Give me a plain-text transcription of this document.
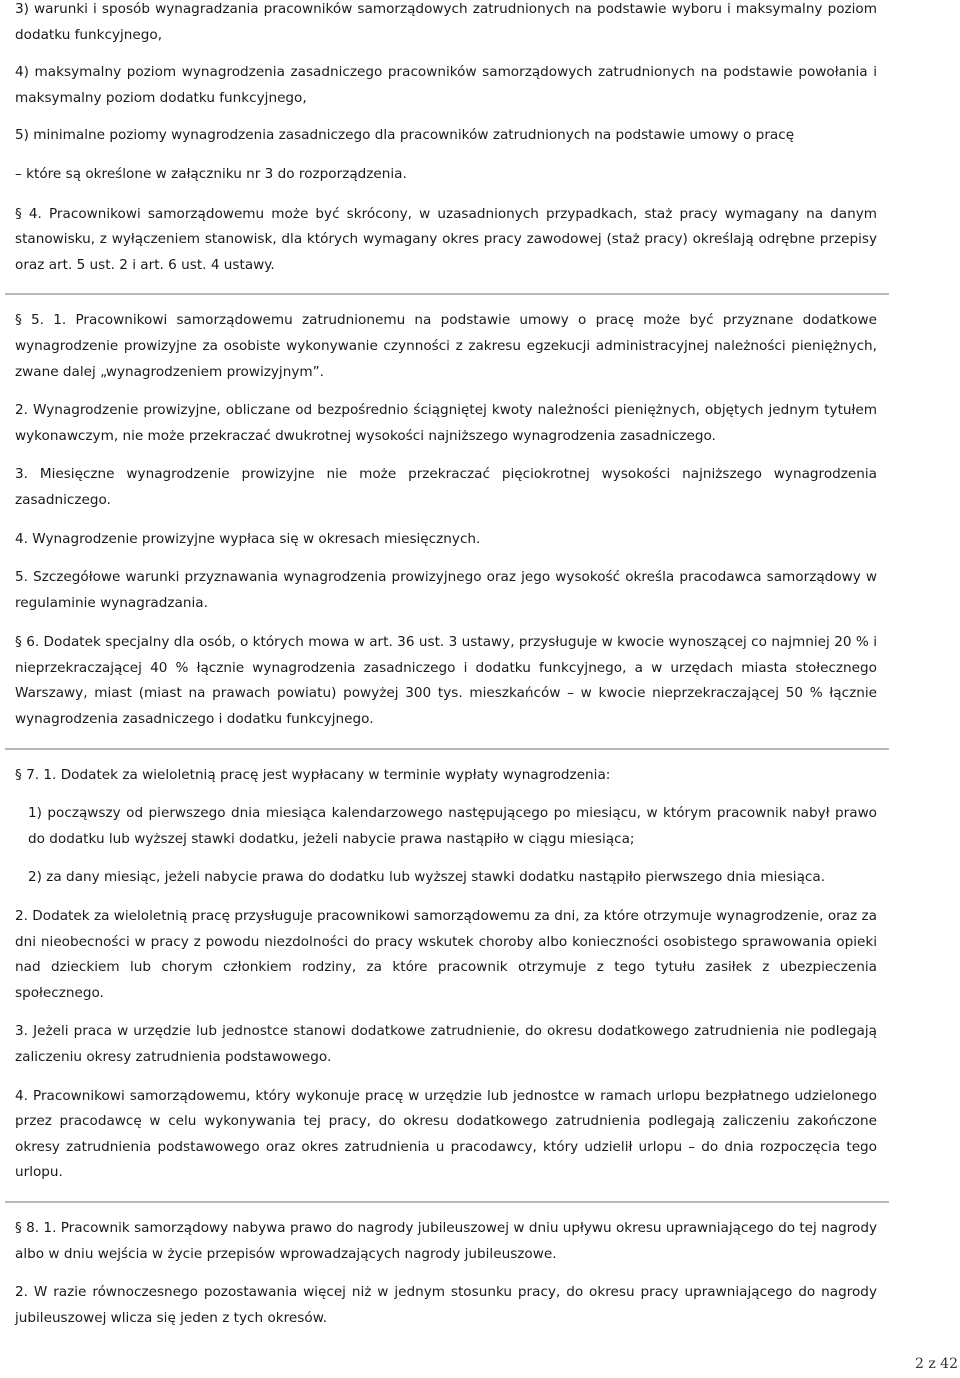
3) warunki i sposób wynagradzania pracowników samorządowych zatrudnionych na podstawie wyboru i maksymalny poziom dodatku funkcyjnego,

4) maksymalny poziom wynagrodzenia zasadniczego pracowników samorządowych zatrudnionych na podstawie powołania i maksymalny poziom dodatku funkcyjnego,

5) minimalne poziomy wynagrodzenia zasadniczego dla pracowników zatrudnionych na podstawie umowy o pracę

– które są określone w załączniku nr 3 do rozporządzenia.

§ 4. Pracownikowi samorządowemu może być skrócony, w uzasadnionych przypadkach, staż pracy wymagany na danym stanowisku, z wyłączeniem stanowisk, dla których wymagany okres pracy zawodowej (staż pracy) określają odrębne przepisy oraz art. 5 ust. 2 i art. 6 ust. 4 ustawy.

§ 5. 1. Pracownikowi samorządowemu zatrudnionemu na podstawie umowy o pracę może być przyznane dodatkowe wynagrodzenie prowizyjne za osobiste wykonywanie czynności z zakresu egzekucji administracyjnej należności pieniężnych, zwane dalej „wynagrodzeniem prowizyjnym”.

2. Wynagrodzenie prowizyjne, obliczane od bezpośrednio ściągniętej kwoty należności pieniężnych, objętych jednym tytułem wykonawczym, nie może przekraczać dwukrotnej wysokości najniższego wynagrodzenia zasadniczego.

3. Miesięczne wynagrodzenie prowizyjne nie może przekraczać pięciokrotnej wysokości najniższego wynagrodzenia zasadniczego.

4. Wynagrodzenie prowizyjne wypłaca się w okresach miesięcznych.

5. Szczegółowe warunki przyznawania wynagrodzenia prowizyjnego oraz jego wysokość określa pracodawca samorządowy w regulaminie wynagradzania.

§ 6. Dodatek specjalny dla osób, o których mowa w art. 36 ust. 3 ustawy, przysługuje w kwocie wynoszącej co najmniej 20 % i nieprzekraczającej 40 % łącznie wynagrodzenia zasadniczego i dodatku funkcyjnego, a w urzędach miasta stołecznego Warszawy, miast (miast na prawach powiatu) powyżej 300 tys. mieszkańców – w kwocie nieprzekraczającej 50 % łącznie wynagrodzenia zasadniczego i dodatku funkcyjnego.

§ 7. 1. Dodatek za wieloletnią pracę jest wypłacany w terminie wypłaty wynagrodzenia:

1) począwszy od pierwszego dnia miesiąca kalendarzowego następującego po miesiącu, w którym pracownik nabył prawo do dodatku lub wyższej stawki dodatku, jeżeli nabycie prawa nastąpiło w ciągu miesiąca;

2) za dany miesiąc, jeżeli nabycie prawa do dodatku lub wyższej stawki dodatku nastąpiło pierwszego dnia miesiąca.

2. Dodatek za wieloletnią pracę przysługuje pracownikowi samorządowemu za dni, za które otrzymuje wynagrodzenie, oraz za dni nieobecności w pracy z powodu niezdolności do pracy wskutek choroby albo konieczności osobistego sprawowania opieki nad dzieckiem lub chorym członkiem rodziny, za które pracownik otrzymuje z tego tytułu zasiłek z ubezpieczenia społecznego.

3. Jeżeli praca w urzędzie lub jednostce stanowi dodatkowe zatrudnienie, do okresu dodatkowego zatrudnienia nie podlegają zaliczeniu okresy zatrudnienia podstawowego.

4. Pracownikowi samorządowemu, który wykonuje pracę w urzędzie lub jednostce w ramach urlopu bezpłatnego udzielonego przez pracodawcę w celu wykonywania tej pracy, do okresu dodatkowego zatrudnienia podlegają zaliczeniu zakończone okresy zatrudnienia podstawowego oraz okres zatrudnienia u pracodawcy, który udzielił urlopu – do dnia rozpoczęcia tego urlopu.

§ 8. 1. Pracownik samorządowy nabywa prawo do nagrody jubileuszowej w dniu upływu okresu uprawniającego do tej nagrody albo w dniu wejścia w życie przepisów wprowadzających nagrody jubileuszowe.

2. W razie równoczesnego pozostawania więcej niż w jednym stosunku pracy, do okresu pracy uprawniającego do nagrody jubileuszowej wlicza się jeden z tych okresów.

2 z 42
